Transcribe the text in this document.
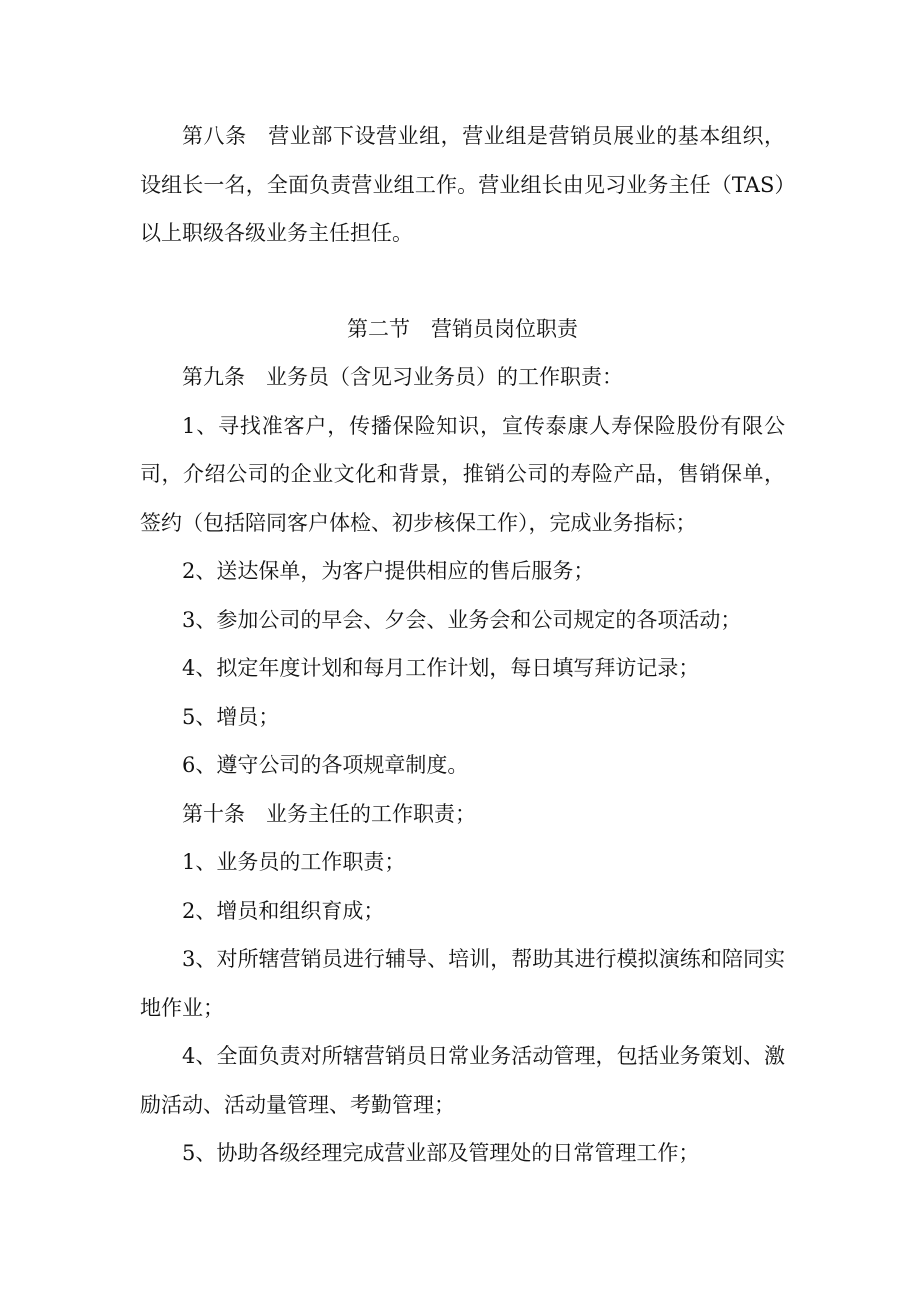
第八条 营业部下设营业组，营业组是营销员展业的基本组织，设组长一名，全面负责营业组工作。营业组长由见习业务主任（TAS）以上职级各级业务主任担任。

第二节 营销员岗位职责

第九条 业务员（含见习业务员）的工作职责：

1、寻找准客户，传播保险知识，宣传泰康人寿保险股份有限公司，介绍公司的企业文化和背景，推销公司的寿险产品，售销保单，签约（包括陪同客户体检、初步核保工作），完成业务指标；

2、送达保单，为客户提供相应的售后服务；

3、参加公司的早会、夕会、业务会和公司规定的各项活动；

4、拟定年度计划和每月工作计划，每日填写拜访记录；

5、增员；

6、遵守公司的各项规章制度。

第十条 业务主任的工作职责；

1、业务员的工作职责；

2、增员和组织育成；

3、对所辖营销员进行辅导、培训，帮助其进行模拟演练和陪同实地作业；

4、全面负责对所辖营销员日常业务活动管理，包括业务策划、激励活动、活动量管理、考勤管理；

5、协助各级经理完成营业部及管理处的日常管理工作；
